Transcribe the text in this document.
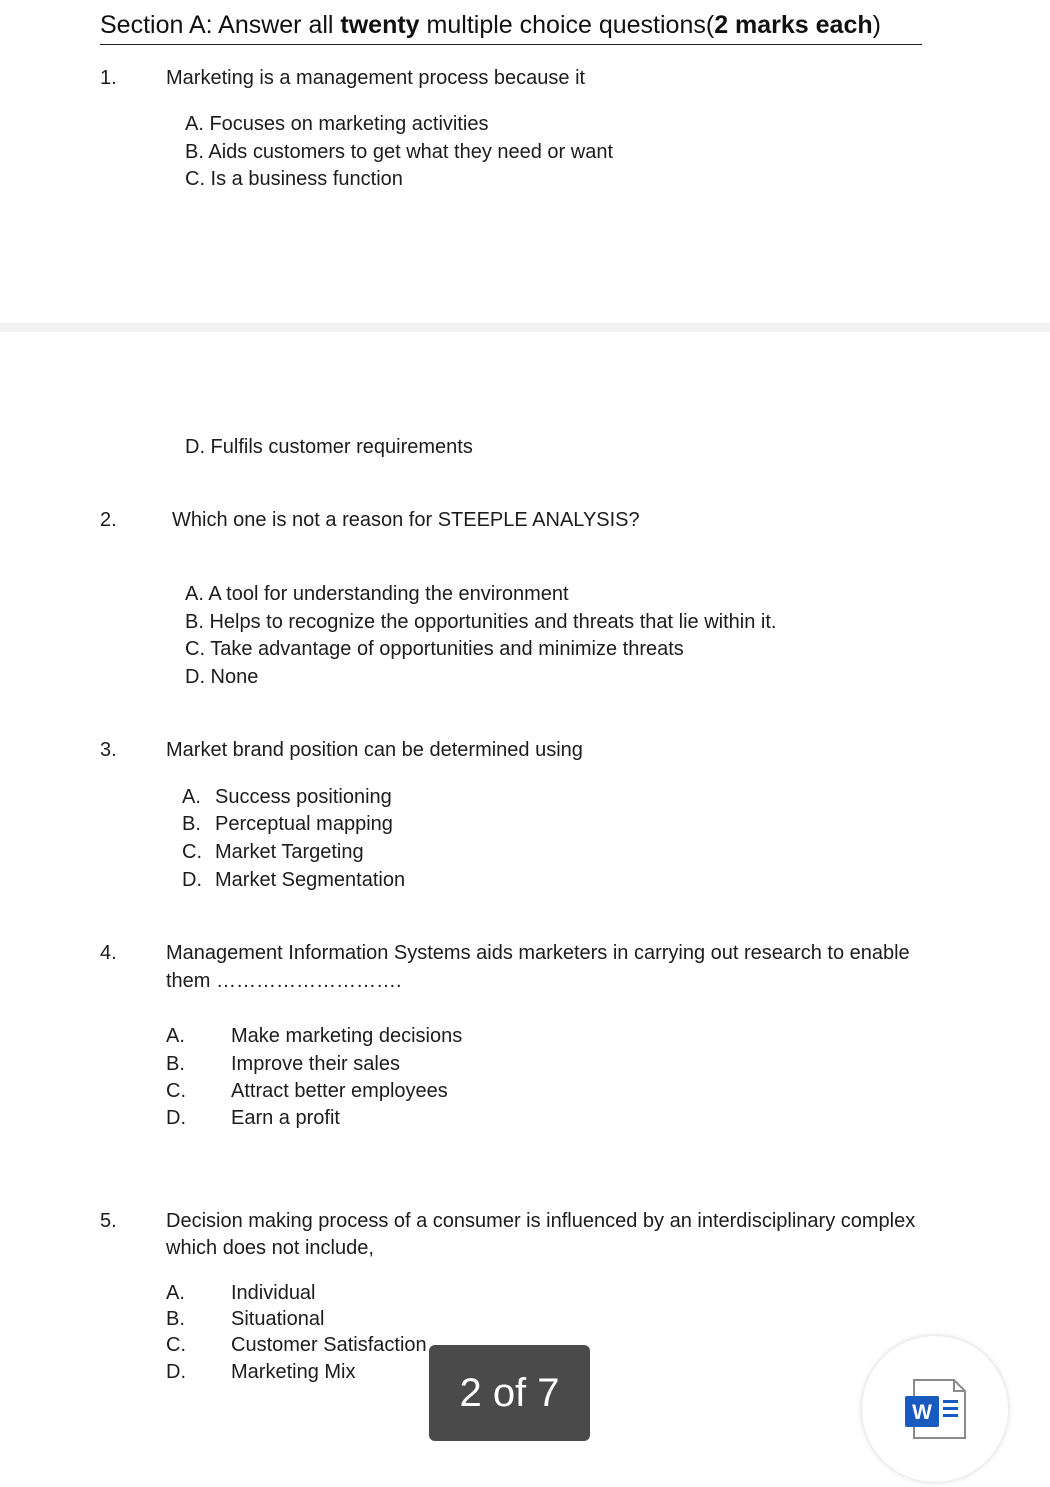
Section A: Answer all twenty multiple choice questions(2 marks each)
1. Marketing is a management process because it
A. Focuses on marketing activities
B. Aids customers to get what they need or want
C. Is a business function
D. Fulfils customer requirements
2.	Which one is not a reason for STEEPLE ANALYSIS?
A. A tool for understanding the environment
B. Helps to recognize the opportunities and threats that lie within it.
C. Take advantage of opportunities and minimize threats
D. None
3. Market brand position can be determined using
A. Success positioning
B. Perceptual mapping
C. Market Targeting
D. Market Segmentation
4. Management Information Systems aids marketers in carrying out research to enable
them ……………………….
A. Make marketing decisions
B. Improve their sales
C. Attract better employees
D. Earn a profit
5. Decision making process of a consumer is influenced by an interdisciplinary complex
which does not include,
A. Individual
B. Situational
C. Customer Satisfaction
D. Marketing Mix	2 of 7	W
